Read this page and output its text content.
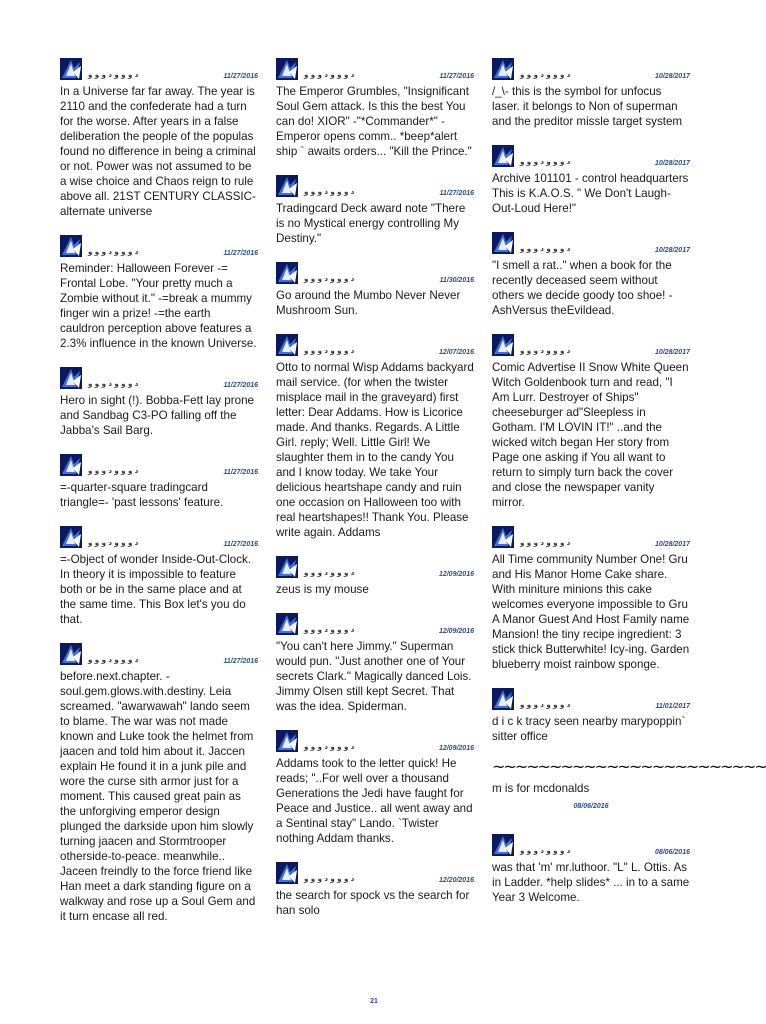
ﺩ ﻭ ﻭ ﻭ ﺩ ﻭ ﻭ ﻭ	11/27/2016
In a Universe far far away. The year is 2110 and the confederate had a turn for the worse. After years in a false deliberation the people of the populas found no difference in being a criminal or not. Power was not assumed to be a wise choice and Chaos reign to rule above all. 21ST CENTURY CLASSIC-alternate universe
ﺩ ﻭ ﻭ ﻭ ﺩ ﻭ ﻭ ﻭ	11/27/2016
Reminder: Halloween Forever -= Frontal Lobe. "Your pretty much a Zombie without it." -=break a mummy finger win a prize! -=the earth cauldron perception above features a 2.3% influence in the known Universe.
ﺩ ﻭ ﻭ ﻭ ﺩ ﻭ ﻭ ﻭ	11/27/2016
Hero in sight (!). Bobba-Fett lay prone and Sandbag C3-PO falling off the Jabba's Sail Barg.
ﺩ ﻭ ﻭ ﻭ ﺩ ﻭ ﻭ ﻭ	11/27/2016
=-quarter-square tradingcard triangle=- 'past lessons' feature.
ﺩ ﻭ ﻭ ﻭ ﺩ ﻭ ﻭ ﻭ	11/27/2016
=-Object of wonder Inside-Out-Clock. In theory it is impossible to feature both or be in the same place and at the same time. This Box let's you do that.
ﺩ ﻭ ﻭ ﻭ ﺩ ﻭ ﻭ ﻭ	11/27/2016
before.next.chapter. -soul.gem.glows.with.destiny. Leia screamed. "awarwawah" lando seem to blame. The war was not made known and Luke took the helmet from jaacen and told him about it. Jaccen explain He found it in a junk pile and wore the curse sith armor just for a moment. This caused great pain as the unforgiving emperor design plunged the darkside upon him slowly turning jaacen and Stormtrooper otherside-to-peace. meanwhile.. Jaceen freindly to the force friend like Han meet a dark standing figure on a walkway and rose up a Soul Gem and it turn encase all red.
ﺩ ﻭ ﻭ ﻭ ﺩ ﻭ ﻭ ﻭ	11/27/2016
The Emperor Grumbles, "Insignificant Soul Gem attack. Is this the best You can do! XIOR" -"*Commander*" - Emperor opens comm.. *beep*alert ship ` awaits orders... "Kill the Prince."
ﺩ ﻭ ﻭ ﻭ ﺩ ﻭ ﻭ ﻭ	11/27/2016
Tradingcard Deck award note "There is no Mystical energy controlling My Destiny."
ﺩ ﻭ ﻭ ﻭ ﺩ ﻭ ﻭ ﻭ	11/30/2016
Go around the Mumbo Never Never Mushroom Sun.
ﺩ ﻭ ﻭ ﻭ ﺩ ﻭ ﻭ ﻭ	12/07/2016
Otto to normal Wisp Addams backyard mail service. (for when the twister misplace mail in the graveyard) first letter: Dear Addams. How is Licorice made. And thanks. Regards. A Little Girl. reply; Well. Little Girl! We slaughter them in to the candy You and I know today. We take Your delicious heartshape candy and ruin one occasion on Halloween too with real heartshapes!! Thank You. Please write again. Addams
ﺩ ﻭ ﻭ ﻭ ﺩ ﻭ ﻭ ﻭ	12/09/2016
zeus is my mouse
ﺩ ﻭ ﻭ ﻭ ﺩ ﻭ ﻭ ﻭ	12/09/2016
"You can't here Jimmy." Superman would pun. "Just another one of Your secrets Clark." Magically danced Lois. Jimmy Olsen still kept Secret. That was the idea. Spiderman.
ﺩ ﻭ ﻭ ﻭ ﺩ ﻭ ﻭ ﻭ	12/09/2016
Addams took to the letter quick! He reads; "..For well over a thousand Generations the Jedi have faught for Peace and Justice.. all went away and a Sentinal stay" Lando. `Twister nothing Addam thanks.
ﺩ ﻭ ﻭ ﻭ ﺩ ﻭ ﻭ ﻭ	12/20/2016
the search for spock vs the search for han solo
ﺩ ﻭ ﻭ ﻭ ﺩ ﻭ ﻭ ﻭ	10/28/2017
/_\- this is the symbol for unfocus laser. it belongs to Non of superman and the preditor missle target system
ﺩ ﻭ ﻭ ﻭ ﺩ ﻭ ﻭ ﻭ	10/28/2017
Archive 101101 - control headquarters This is K.A.O.S. " We Don't Laugh-Out-Loud Here!"
ﺩ ﻭ ﻭ ﻭ ﺩ ﻭ ﻭ ﻭ	10/28/2017
"I smell a rat.." when a book for the recently deceased seem without others we decide goody too shoe! - AshVersus theEvildead.
ﺩ ﻭ ﻭ ﻭ ﺩ ﻭ ﻭ ﻭ	10/28/2017
Comic Advertise II Snow White Queen Witch Goldenbook turn and read, "I Am Lurr. Destroyer of Ships" cheeseburger ad"Sleepless in Gotham. I'M LOVIN IT!" ..and the wicked witch began Her story from Page one asking if You all want to return to simply turn back the cover and close the newspaper vanity mirror.
ﺩ ﻭ ﻭ ﻭ ﺩ ﻭ ﻭ ﻭ	10/28/2017
All Time community Number One! Gru and His Manor Home Cake share. With miniture minions this cake welcomes everyone impossible to Gru A Manor Guest And Host Family name Mansion! the tiny recipe ingredient: 3 stick thick Butterwhite! Icy-ing. Garden blueberry moist rainbow sponge.
ﺩ ﻭ ﻭ ﻭ ﺩ ﻭ ﻭ ﻭ	11/01/2017
d i c k tracy seen nearby marypoppin` sitter office
~~~~~~~~~~~~~~~~~~~~~~~~
m is for mcdonalds
08/06/2016
ﺩ ﻭ ﻭ ﻭ ﺩ ﻭ ﻭ ﻭ	08/06/2016
was that 'm' mr.luthoor. "L" L. Ottis. As in Ladder. *help slides* ... in to a same Year 3 Welcome.
21
